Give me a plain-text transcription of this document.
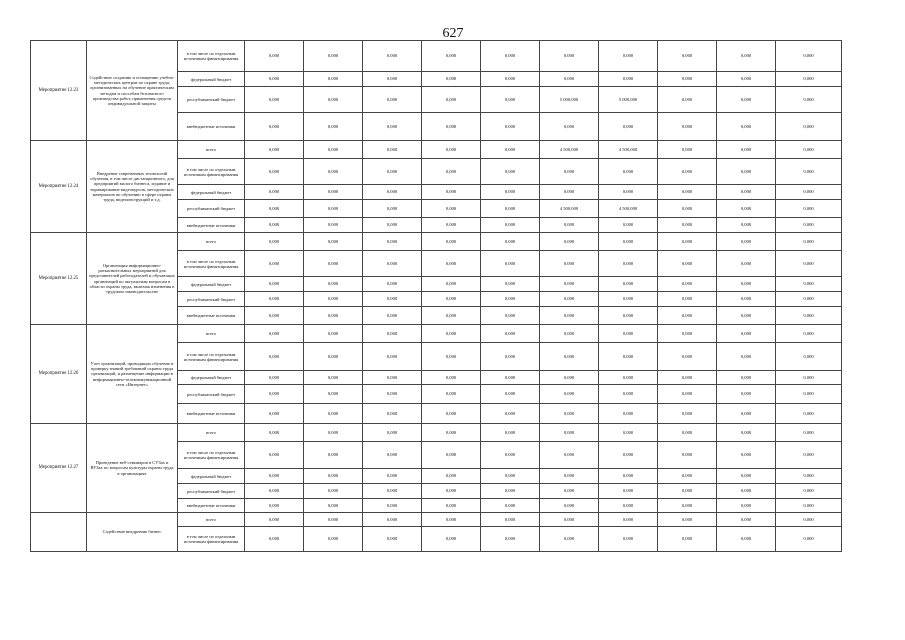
627
Мероприятие 12.23	Содействие созданию и оснащению учебно-методических центров по охране труда, организованных на обучение практическим методам и способам безопасного производства работ, применения средств индивидуальной защиты	в том числе по отдельным источникам финансирования	0,000	0,000	0,000	0,000	0,000	0,000	0,000	0,000	0,000	0,000	
		федеральный бюджет	0,000	0,000	0,000	0,000	0,000	0,000	0,000	0,000	0,000	0,000	
		республиканский бюджет	0,000	0,000	0,000	0,000	0,000	5 000,000	5 000,000	0,000	0,000	0,000	
		внебюджетные источники	0,000	0,000	0,000	0,000	0,000	0,000	0,000	0,000	0,000	0,000	
Мероприятие 12.24	Внедрение современных технологий обучения, в том числе дистанционного, для предприятий малого бизнеса, издание и тиражирование видеокурсов, методических материалов по обучению в сфере охраны труда, видеоинструкций и т.д.	всего	0,000	0,000	0,000	0,000	0,000	4 500,000	4 500,000	0,000	0,000	0,000	
		в том числе по отдельным источникам финансирования	0,000	0,000	0,000	0,000	0,000	0,000	0,000	0,000	0,000	0,000	
		федеральный бюджет	0,000	0,000	0,000	0,000	0,000	0,000	0,000	0,000	0,000	0,000	
		республиканский бюджет	0,000	0,000	0,000	0,000	0,000	4 500,000	4 500,000	0,000	0,000	0,000	
		внебюджетные источники	0,000	0,000	0,000	0,000	0,000	0,000	0,000	0,000	0,000	0,000	
Мероприятие 12.25	Организация информационно-разъяснительных мероприятий для представителей работодателей и обучающих организаций по актуальным вопросам в области охраны труда, включая изменения в трудовом законодательстве	всего	0,000	0,000	0,000	0,000	0,000	0,000	0,000	0,000	0,000	0,000	
		в том числе по отдельным источникам финансирования	0,000	0,000	0,000	0,000	0,000	0,000	0,000	0,000	0,000	0,000	
		федеральный бюджет	0,000	0,000	0,000	0,000	0,000	0,000	0,000	0,000	0,000	0,000	
		республиканский бюджет	0,000	0,000	0,000	0,000	0,000	0,000	0,000	0,000	0,000	0,000	
		внебюджетные источники	0,000	0,000	0,000	0,000	0,000	0,000	0,000	0,000	0,000	0,000	
Мероприятие 12.26	Учет организаций, проводящих обучение и проверку знаний требований охраны труда организаций, и размещение информации в информационно-телекоммуникационной сети «Интернет»	всего	0,000	0,000	0,000	0,000	0,000	0,000	0,000	0,000	0,000	0,000	
		в том числе по отдельным источникам финансирования	0,000	0,000	0,000	0,000	0,000	0,000	0,000	0,000	0,000	0,000	
		федеральный бюджет	0,000	0,000	0,000	0,000	0,000	0,000	0,000	0,000	0,000	0,000	
		республиканский бюджет	0,000	0,000	0,000	0,000	0,000	0,000	0,000	0,000	0,000	0,000	
		внебюджетные источники	0,000	0,000	0,000	0,000	0,000	0,000	0,000	0,000	0,000	0,000	
Мероприятие 12.27	Проведение веб-семинаров в СУЗах и ВУЗах по вопросам культуры охраны труда в организациях	всего	0,000	0,000	0,000	0,000	0,000	0,000	0,000	0,000	0,000	0,000	
		в том числе по отдельным источникам финансирования	0,000	0,000	0,000	0,000	0,000	0,000	0,000	0,000	0,000	0,000	
		федеральный бюджет	0,000	0,000	0,000	0,000	0,000	0,000	0,000	0,000	0,000	0,000	
		республиканский бюджет	0,000	0,000	0,000	0,000	0,000	0,000	0,000	0,000	0,000	0,000	
		внебюджетные источники	0,000	0,000	0,000	0,000	0,000	0,000	0,000	0,000	0,000	0,000	
	Содействие внедрению бизнес	всего	0,000	0,000	0,000	0,000	0,000	0,000	0,000	0,000	0,000	0,000	
		в том числе по отдельным источникам финансирования	0,000	0,000	0,000	0,000	0,000	0,000	0,000	0,000	0,000	0,000	
